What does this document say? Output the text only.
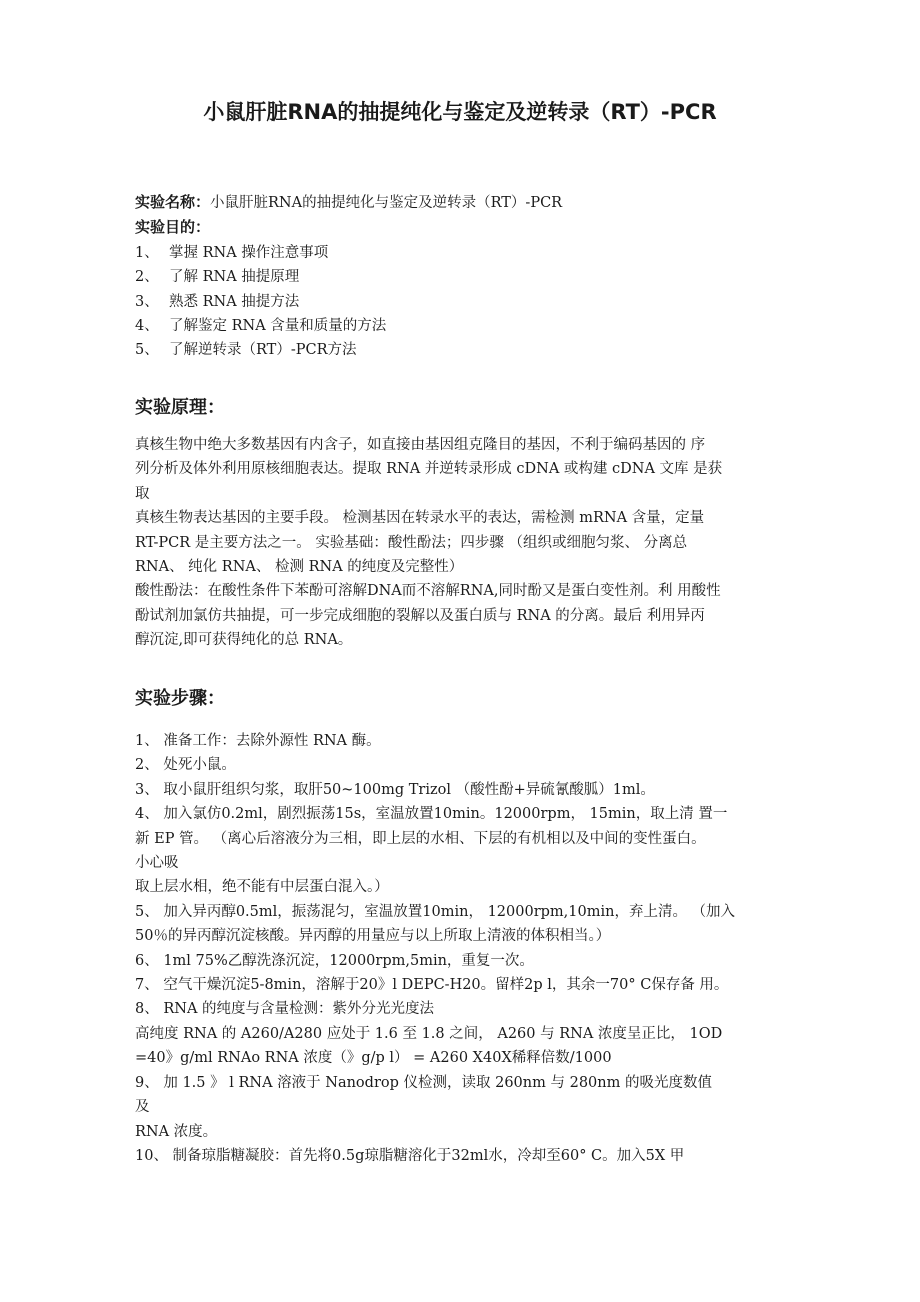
小鼠肝脏RNA的抽提纯化与鉴定及逆转录（RT）-PCR
实验名称：小鼠肝脏RNA的抽提纯化与鉴定及逆转录（RT）-PCR
实验目的：
1、 掌握 RNA 操作注意事项
2、 了解 RNA 抽提原理
3、 熟悉 RNA 抽提方法
4、 了解鉴定 RNA 含量和质量的方法
5、 了解逆转录（RT）-PCR方法
实验原理：
真核生物中绝大多数基因有内含子，如直接由基因组克隆目的基因，不利于编码基因的 序
列分析及体外利用原核细胞表达。提取 RNA 并逆转录形成 cDNA 或构建 cDNA 文库 是获
取
真核生物表达基因的主要手段。 检测基因在转录水平的表达，需检测 mRNA 含量，定量
RT-PCR 是主要方法之一。 实验基础：酸性酚法；四步骤 （组织或细胞匀浆、 分离总
RNA、 纯化 RNA、 检测 RNA 的纯度及完整性）
酸性酚法：在酸性条件下苯酚可溶解DNA而不溶解RNA,同时酚又是蛋白变性剂。利 用酸性
酚试剂加氯仿共抽提，可一步完成细胞的裂解以及蛋白质与 RNA 的分离。最后 利用异丙
醇沉淀,即可获得纯化的总 RNA。
实验步骤：
1、 准备工作：去除外源性 RNA 酶。
2、 处死小鼠。
3、 取小鼠肝组织匀浆，取肝50~100mg Trizol （酸性酚+异硫氰酸胍）1ml。
4、 加入氯仿0.2ml，剧烈振荡15s，室温放置10min。12000rpm， 15min，取上清 置一
新 EP 管。 （离心后溶液分为三相，即上层的水相、下层的有机相以及中间的变性蛋白。
小心吸
取上层水相，绝不能有中层蛋白混入。）
5、 加入异丙醇0.5ml，振荡混匀，室温放置10min， 12000rpm,10min，弃上清。 （加入
50％的异丙醇沉淀核酸。异丙醇的用量应与以上所取上清液的体积相当。）
6、 1ml 75%乙醇洗涤沉淀，12000rpm,5min，重复一次。
7、 空气干燥沉淀5-8min，溶解于20》l DEPC-H20。留样2p l，其余一70° C保存备 用。
8、 RNA 的纯度与含量检测：紫外分光光度法
高纯度 RNA 的 A260/A280 应处于 1.6 至 1.8 之间， A260 与 RNA 浓度呈正比， 1OD
=40》g/ml RNAo RNA 浓度（》g/p l） = A260 X40X稀释倍数/1000
9、 加 1.5 》 l RNA 溶液于 Nanodrop 仪检测，读取 260nm 与 280nm 的吸光度数值
及
RNA 浓度。
10、 制备琼脂糖凝胶：首先将0.5g琼脂糖溶化于32ml水，冷却至60° C。加入5X 甲
